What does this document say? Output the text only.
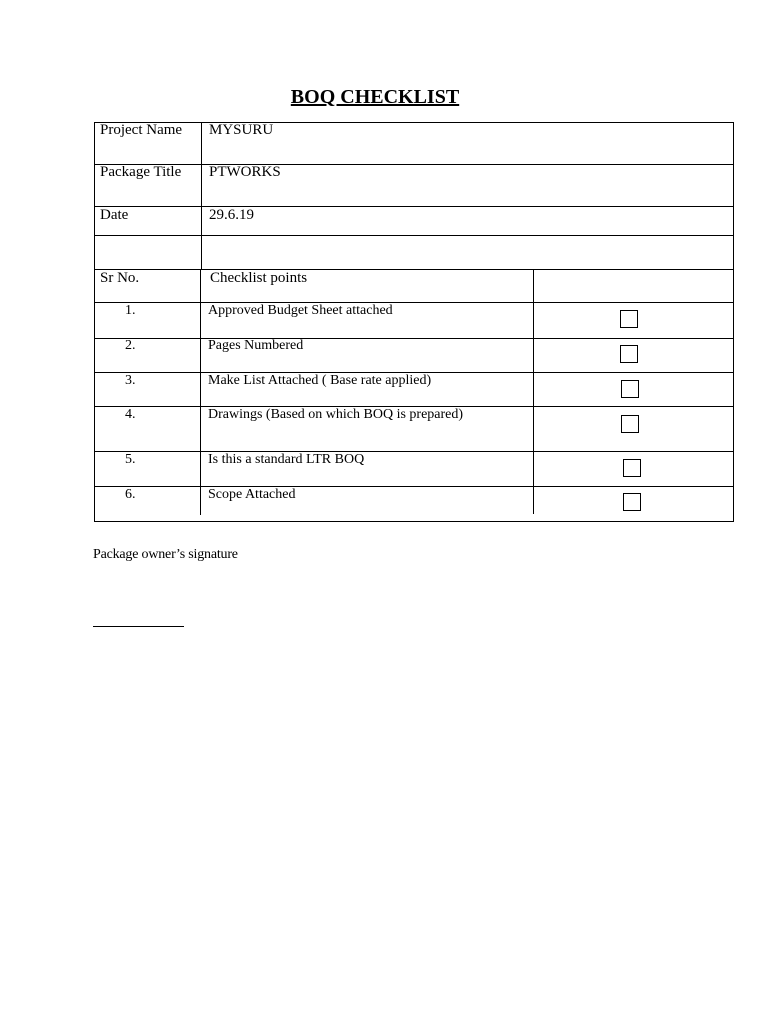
BOQ CHECKLIST
Project Name MYSURU
Package Title PTWORKS
Date	29.6.19
Sr No.	Checklist points
1.	Approved Budget Sheet attached
2.	Pages Numbered
3.	Make List Attached ( Base rate applied)
4.	Drawings (Based on which BOQ is prepared)
5.	Is this a standard LTR BOQ
6.	Scope Attached
Package owner’s signature
